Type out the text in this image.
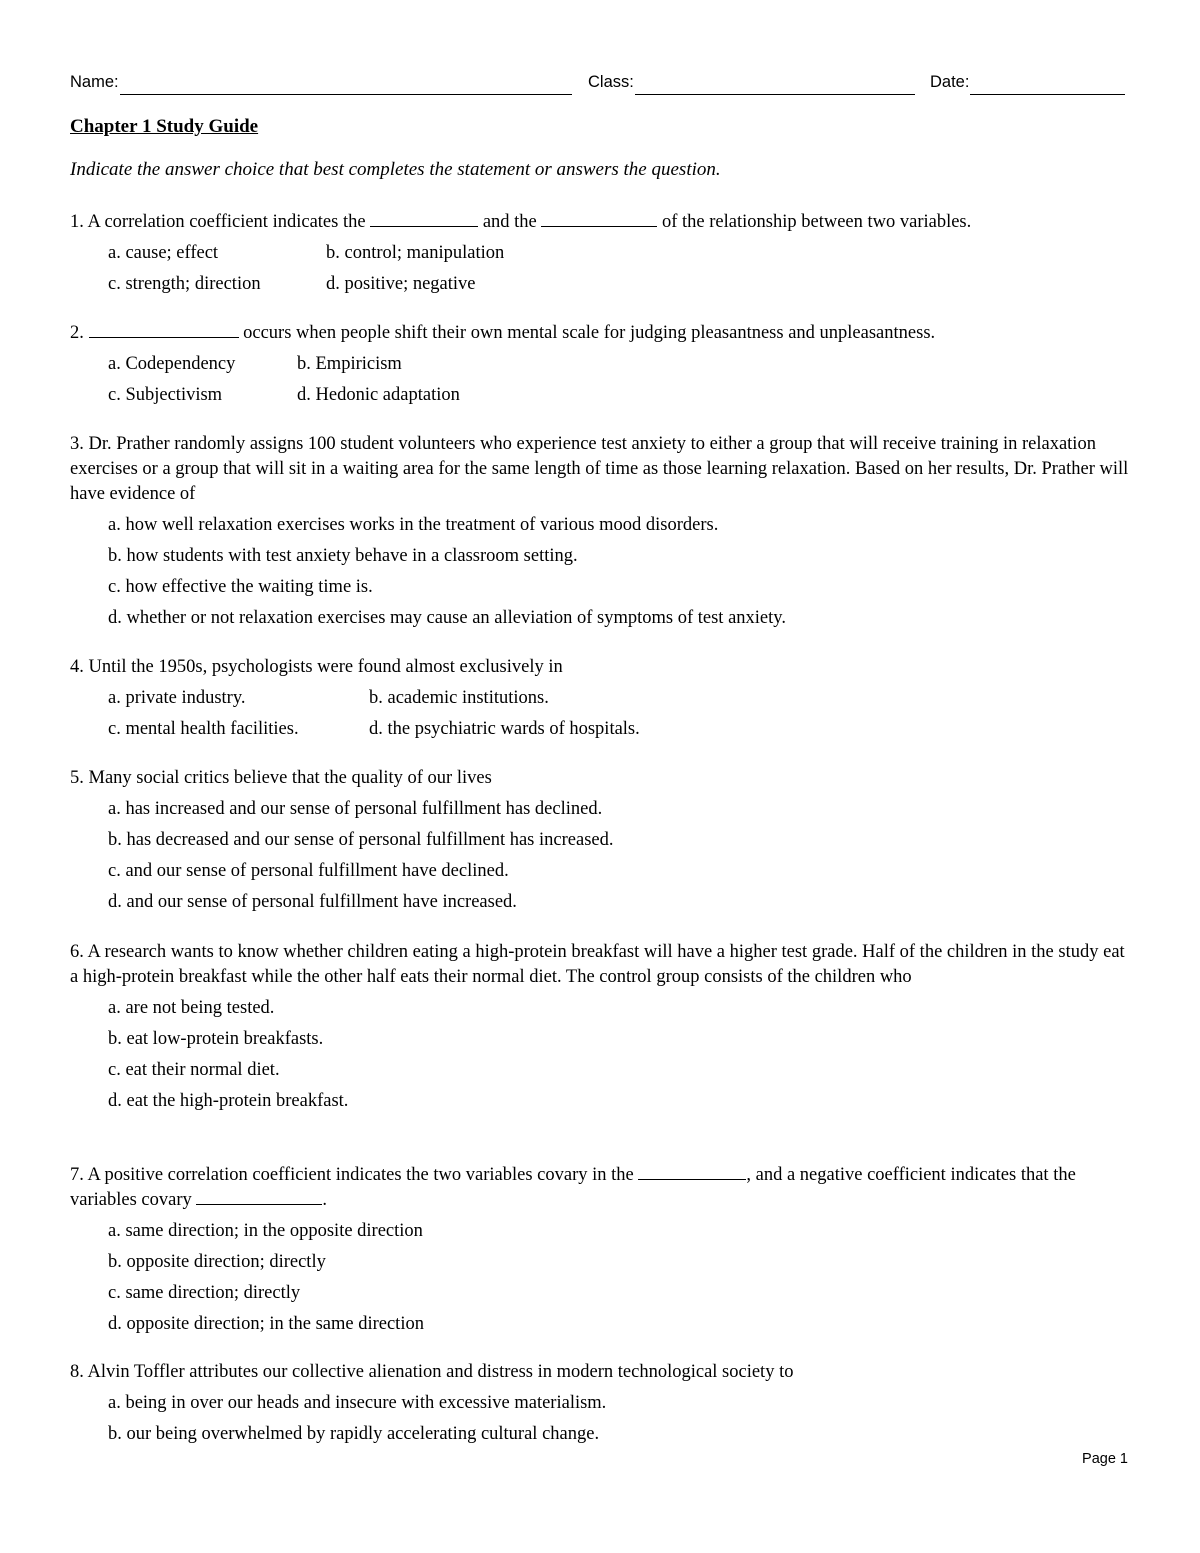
Name:	Class:	Date:
Chapter 1 Study Guide
Indicate the answer choice that best completes the statement or answers the question.

1. A correlation coefficient indicates the	and the	of the relationship between two variables.

a. cause; effect	b. control; manipulation
c. strength; direction	d. positive; negative

2.	occurs when people shift their own mental scale for judging pleasantness and unpleasantness.

a. Codependency	b. Empiricism
c. Subjectivism	d. Hedonic adaptation

3. Dr. Prather randomly assigns 100 student volunteers who experience test anxiety to either a group that will receive training in relaxation exercises or a group that will sit in a waiting area for the same length of time as those learning relaxation. Based on her results, Dr. Prather will have evidence of

a. how well relaxation exercises works in the treatment of various mood disorders.
b. how students with test anxiety behave in a classroom setting.
c. how effective the waiting time is.
d. whether or not relaxation exercises may cause an alleviation of symptoms of test anxiety.

4. Until the 1950s, psychologists were found almost exclusively in

a. private industry.	b. academic institutions.
c. mental health facilities.	d. the psychiatric wards of hospitals.

5. Many social critics believe that the quality of our lives

a. has increased and our sense of personal fulfillment has declined.
b. has decreased and our sense of personal fulfillment has increased.
c. and our sense of personal fulfillment have declined.
d. and our sense of personal fulfillment have increased.

6. A research wants to know whether children eating a high-protein breakfast will have a higher test grade. Half of the children in the study eat a high-protein breakfast while the other half eats their normal diet. The control group consists of the children who

a. are not being tested.
b. eat low-protein breakfasts.
c. eat their normal diet.
d. eat the high-protein breakfast.

7. A positive correlation coefficient indicates the two variables covary in the	, and a negative coefficient indicates that the variables covary	.

a. same direction; in the opposite direction
b. opposite direction; directly
c. same direction; directly
d. opposite direction; in the same direction

8. Alvin Toffler attributes our collective alienation and distress in modern technological society to

a. being in over our heads and insecure with excessive materialism.
b. our being overwhelmed by rapidly accelerating cultural change.
Page 1
